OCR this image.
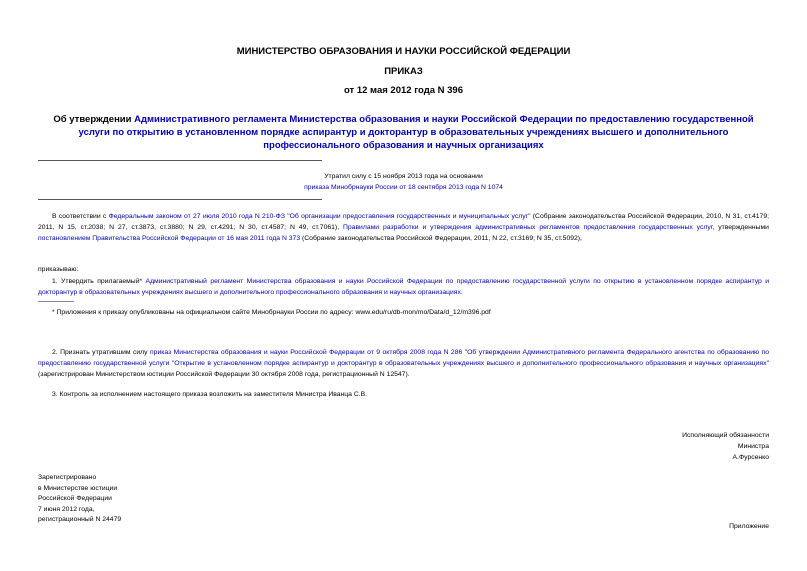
МИНИСТЕРСТВО ОБРАЗОВАНИЯ И НАУКИ РОССИЙСКОЙ ФЕДЕРАЦИИ
ПРИКАЗ
от 12 мая 2012 года N 396
Об утверждении Административного регламента Министерства образования и науки Российской Федерации по предоставлению государственной услуги по открытию в установленном порядке аспирантур и докторантур в образовательных учреждениях высшего и дополнительного профессионального образования и научных организациях
Утратил силу с 15 ноября 2013 года на основании
приказа Минобрнауки России от 18 сентября 2013 года N 1074
В соответствии с Федеральным законом от 27 июля 2010 года N 210-ФЗ "Об организации предоставления государственных и муниципальных услуг" (Собрание законодательства Российской Федерации, 2010, N 31, ст.4179; 2011, N 15, ст.2038; N 27, ст.3873, ст.3880; N 29, ст.4291; N 30, ст.4587; N 49, ст.7061), Правилами разработки и утверждения административных регламентов предоставления государственных услуг, утвержденными постановлением Правительства Российской Федерации от 16 мая 2011 года N 373 (Собрание законодательства Российской Федерации, 2011, N 22, ст.3169; N 35, ст.5092),
приказываю:
1. Утвердить прилагаемый* Административный регламент Министерства образования и науки Российской Федерации по предоставлению государственной услуги по открытию в установленном порядке аспирантур и докторантур в образовательных учреждениях высшего и дополнительного профессионального образования и научных организациях.
* Приложения к приказу опубликованы на официальном сайте Минобрнауки России по адресу: www.edu/ru/db-mon/mo/Data/d_12/m396.pdf
2. Признать утратившим силу приказ Министерства образования и науки Российской Федерации от 9 октября 2008 года N 286 "Об утверждении Административного регламента Федерального агентства по образованию по предоставлению государственной услуги "Открытие в установленном порядке аспирантур и докторантур в образовательных учреждениях высшего и дополнительного профессионального образования и научных организациях" (зарегистрирован Министерством юстиции Российской Федерации 30 октября 2008 года, регистрационный N 12547).
3. Контроль за исполнением настоящего приказа возложить на заместителя Министра Иванца С.В.
Исполняющий обязанности
Министра
А.Фурсенко
Зарегистрировано
в Министерстве юстиции
Российской Федерации
7 июня 2012 года,
регистрационный N 24479
Приложение
